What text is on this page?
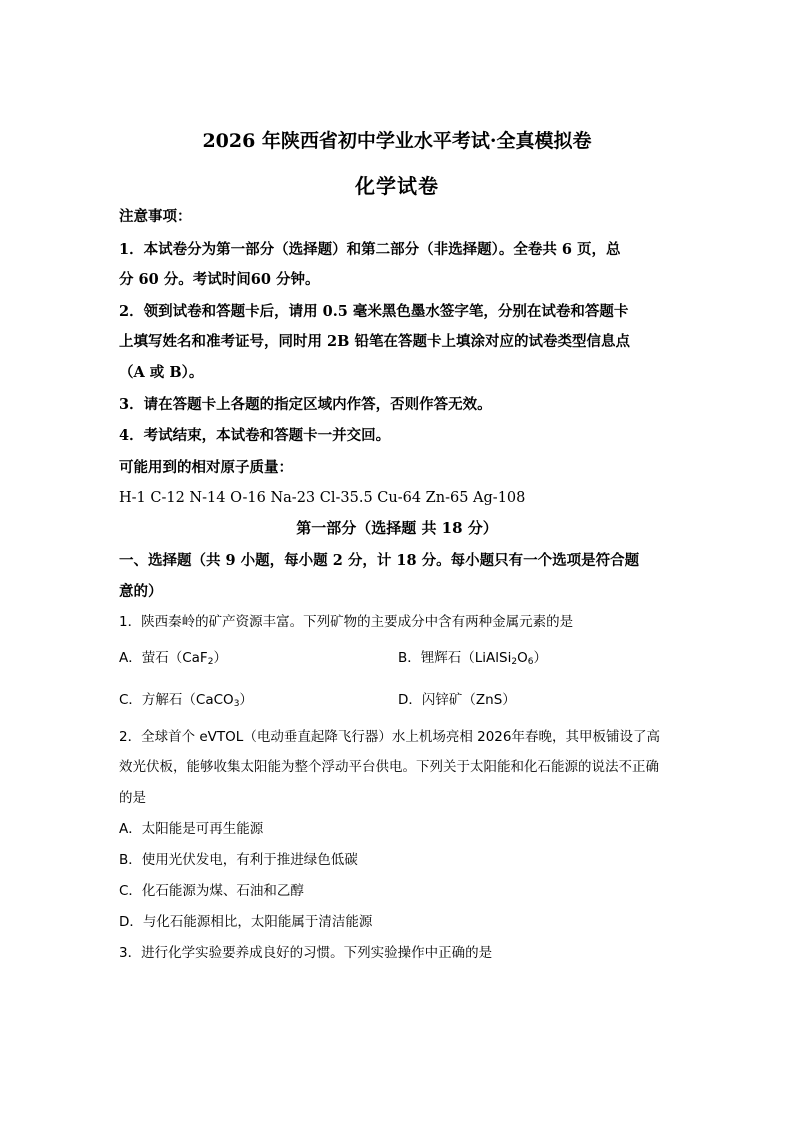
2026 年陕西省初中学业水平考试·全真模拟卷
化学试卷
注意事项：
1．本试卷分为第一部分（选择题）和第二部分（非选择题）。全卷共 6 页，总
分 60 分。考试时间60 分钟。
2．领到试卷和答题卡后，请用 0.5 毫米黑色墨水签字笔，分别在试卷和答题卡
上填写姓名和准考证号，同时用 2B 铅笔在答题卡上填涂对应的试卷类型信息点
（A 或 B）。
3．请在答题卡上各题的指定区域内作答，否则作答无效。
4．考试结束，本试卷和答题卡一并交回。
可能用到的相对原子质量：
H-1 C-12 N-14 O-16 Na-23 Cl-35.5 Cu-64 Zn-65 Ag-108
第一部分（选择题 共 18 分）
一、选择题（共 9 小题，每小题 2 分，计 18 分。每小题只有一个选项是符合题
意的）
1．陕西秦岭的矿产资源丰富。下列矿物的主要成分中含有两种金属元素的是
A．萤石（CaF$_2$）	B．锂辉石$(LiAlSi_2O_6)$
C．方解石（CaCO$_3$）	D．闪锌矿（ZnS）
2．全球首个 eVTOL（电动垂直起降飞行器）水上机场亮相 2026年春晚，其甲板铺设了高
效光伏板，能够收集太阳能为整个浮动平台供电。下列关于太阳能和化石能源的说法不正确
的是
A．太阳能是可再生能源
B．使用光伏发电，有利于推进绿色低碳
C．化石能源为煤、石油和乙醇
D．与化石能源相比，太阳能属于清洁能源
3．进行化学实验要养成良好的习惯。下列实验操作中正确的是
